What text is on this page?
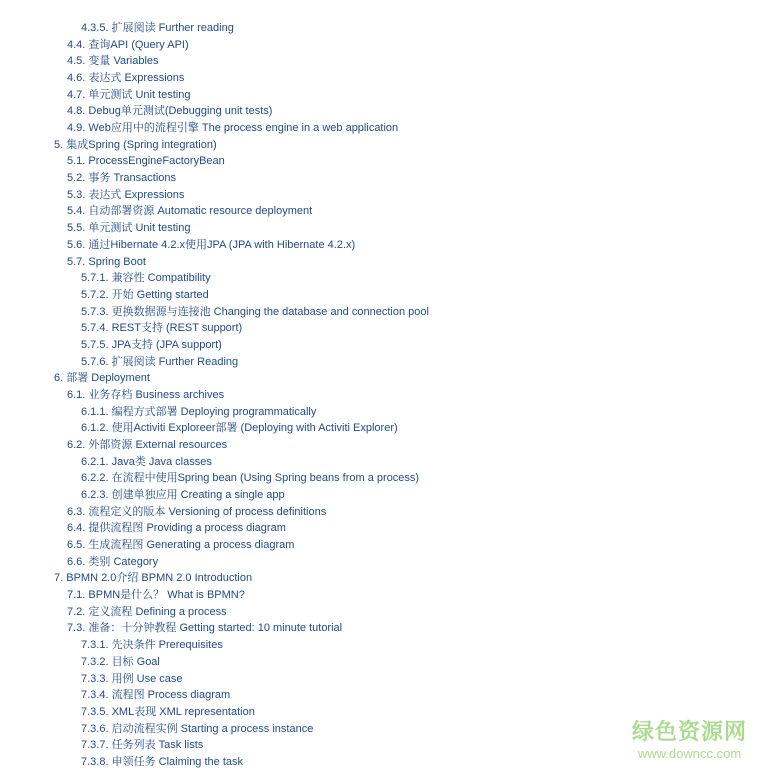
4.3.5. 扩展阅读 Further reading
4.4. 查询API (Query API)
4.5. 变量 Variables
4.6. 表达式 Expressions
4.7. 单元测试 Unit testing
4.8. Debug单元测试(Debugging unit tests)
4.9. Web应用中的流程引擎 The process engine in a web application
5. 集成Spring (Spring integration)
5.1. ProcessEngineFactoryBean
5.2. 事务 Transactions
5.3. 表达式 Expressions
5.4. 自动部署资源 Automatic resource deployment
5.5. 单元测试 Unit testing
5.6. 通过Hibernate 4.2.x使用JPA (JPA with Hibernate 4.2.x)
5.7. Spring Boot
5.7.1. 兼容性 Compatibility
5.7.2. 开始 Getting started
5.7.3. 更换数据源与连接池 Changing the database and connection pool
5.7.4. REST支持 (REST support)
5.7.5. JPA支持 (JPA support)
5.7.6. 扩展阅读 Further Reading
6. 部署 Deployment
6.1. 业务存档 Business archives
6.1.1. 编程方式部署 Deploying programmatically
6.1.2. 使用Activiti Exploreer部署 (Deploying with Activiti Explorer)
6.2. 外部资源 External resources
6.2.1. Java类 Java classes
6.2.2. 在流程中使用Spring bean (Using Spring beans from a process)
6.2.3. 创建单独应用 Creating a single app
6.3. 流程定义的版本 Versioning of process definitions
6.4. 提供流程图 Providing a process diagram
6.5. 生成流程图 Generating a process diagram
6.6. 类别 Category
7. BPMN 2.0介绍 BPMN 2.0 Introduction
7.1. BPMN是什么？ What is BPMN?
7.2. 定义流程 Defining a process
7.3. 准备：十分钟教程 Getting started: 10 minute tutorial
7.3.1. 先决条件 Prerequisites
7.3.2. 目标 Goal
7.3.3. 用例 Use case
7.3.4. 流程图 Process diagram
7.3.5. XML表现 XML representation
7.3.6. 启动流程实例 Starting a process instance
7.3.7. 任务列表 Task lists
7.3.8. 申领任务 Claiming the task
绿色资源网
www.downcc.com
